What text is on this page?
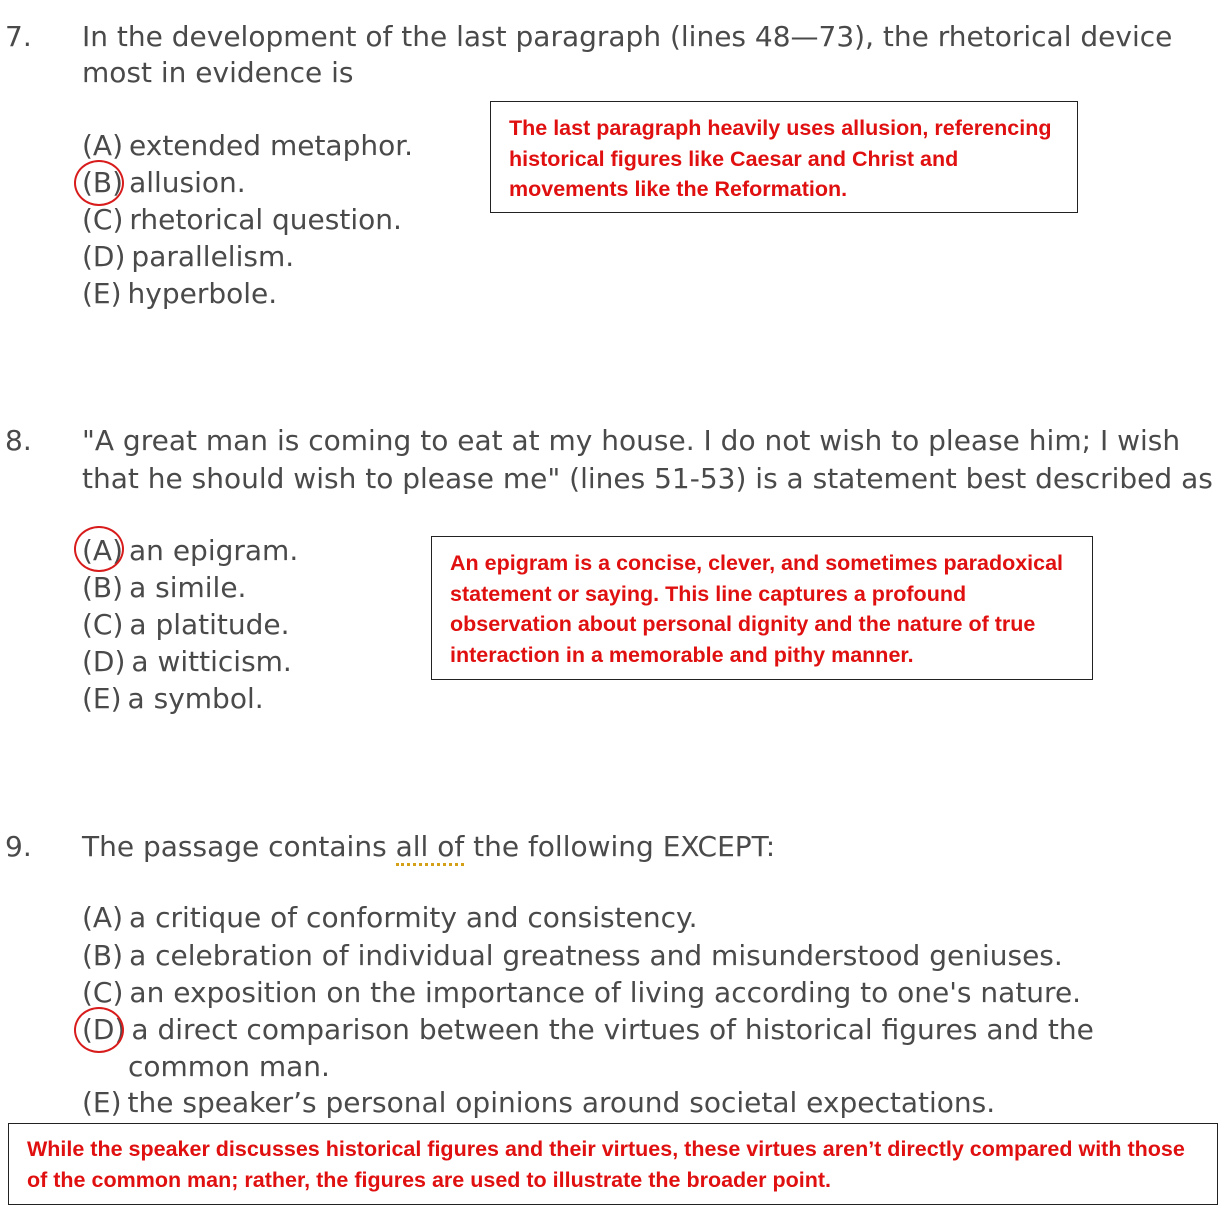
7. In the development of the last paragraph (lines 48—73), the rhetorical device
most in evidence is
(A) extended metaphor.
(B) allusion.
(C) rhetorical question.
(D) parallelism.
(E) hyperbole.
The last paragraph heavily uses allusion, referencing
historical figures like Caesar and Christ and
movements like the Reformation.
8. "A great man is coming to eat at my house. I do not wish to please him; I wish
that he should wish to please me" (lines 51-53) is a statement best described as
(A) an epigram.
(B) a simile.
(C) a platitude.
(D) a witticism.
(E) a symbol.
An epigram is a concise, clever, and sometimes paradoxical
statement or saying. This line captures a profound
observation about personal dignity and the nature of true
interaction in a memorable and pithy manner.
9. The passage contains all of the following EXCEPT:
(A) a critique of conformity and consistency.
(B) a celebration of individual greatness and misunderstood geniuses.
(C) an exposition on the importance of living according to one's nature.
(D) a direct comparison between the virtues of historical figures and the
common man.
(E) the speaker’s personal opinions around societal expectations.
While the speaker discusses historical figures and their virtues, these virtues aren’t directly compared with those
of the common man; rather, the figures are used to illustrate the broader point.
